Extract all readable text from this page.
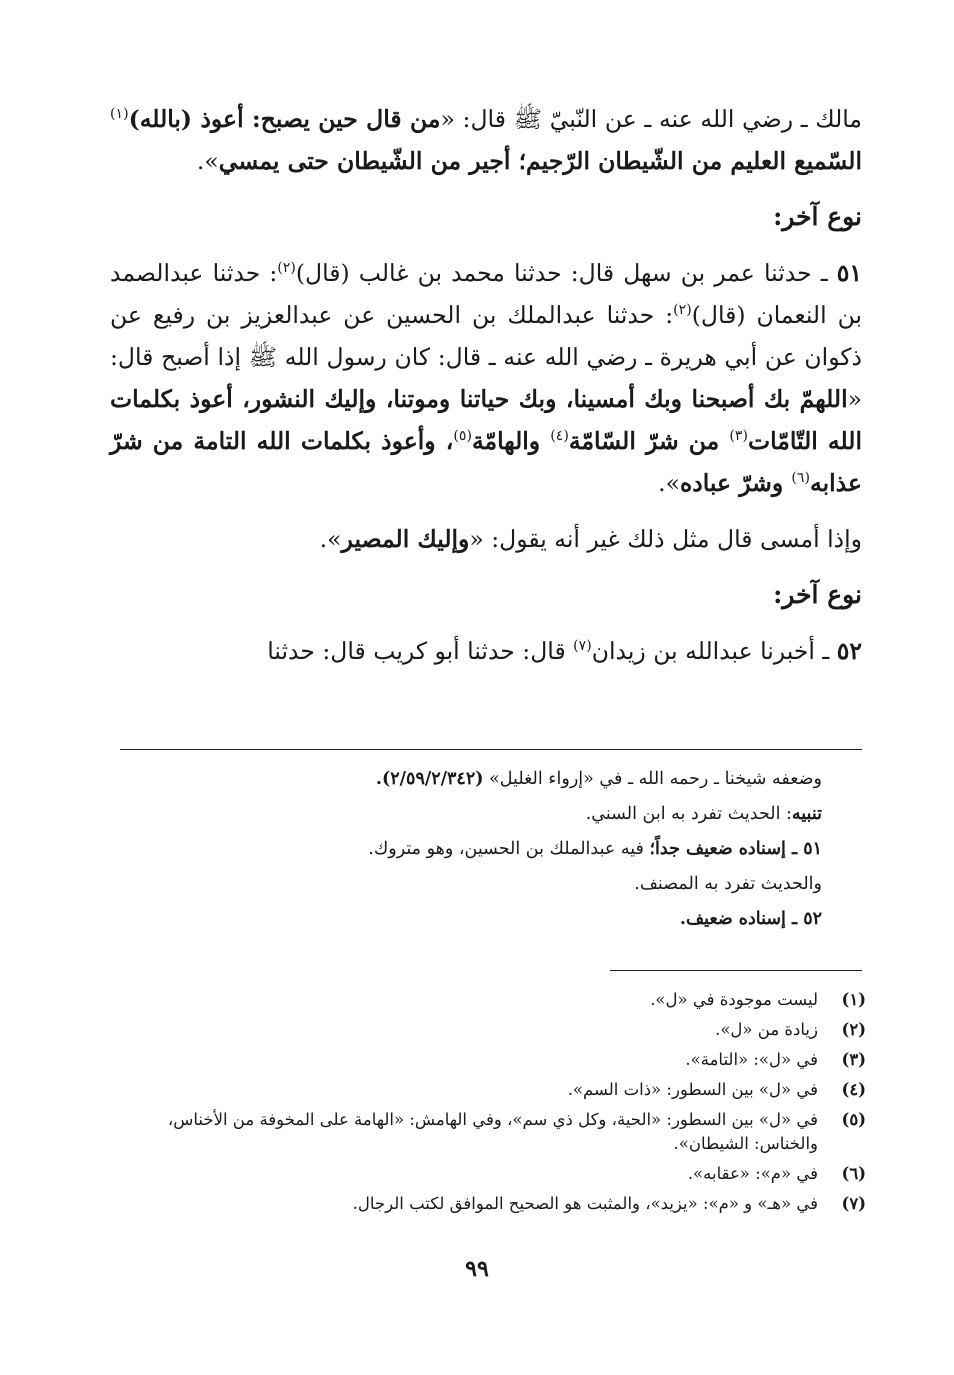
مالك ـ رضي الله عنه ـ عن النّبيّ ﷺ قال: «من قال حين يصبح: أعوذ (بالله)$^{(١)}$ السّميع العليم من الشّيطان الرّجيم؛ أجير من الشّيطان حتى يمسي».

نوع آخر:

٥١ ـ حدثنا عمر بن سهل قال: حدثنا محمد بن غالب (قال)$^{(٢)}$: حدثنا عبدالصمد بن النعمان (قال)$^{(٢)}$: حدثنا عبدالملك بن الحسين عن عبدالعزيز بن رفيع عن ذكوان عن أبي هريرة ـ رضي الله عنه ـ قال: كان رسول الله ﷺ إذا أصبح قال: «اللهمّ بك أصبحنا وبك أمسينا، وبك حياتنا وموتنا، وإليك النشور، أعوذ بكلمات الله التّامّات$^{(٣)}$ من شرّ السّامّة$^{(٤)}$ والهامّة$^{(٥)}$، وأعوذ بكلمات الله التامة من شرّ عذابه$^{(٦)}$ وشرّ عباده».

وإذا أمسى قال مثل ذلك غير أنه يقول: «وإليك المصير».

نوع آخر:

٥٢ ـ أخبرنا عبدالله بن زيدان$^{(٧)}$ قال: حدثنا أبو كريب قال: حدثنا

وضعفه شيخنا ـ رحمه الله ـ في «إرواء الغليل» (٢/٥٩/٢/٣٤٢).
تنبيه: الحديث تفرد به ابن السني.
٥١ ـ إسناده ضعيف جداً؛ فيه عبدالملك بن الحسين، وهو متروك.
والحديث تفرد به المصنف.
٥٢ ـ إسناده ضعيف.
(١)
ليست موجودة في «ل».
(٢)
زيادة من «ل».
(٣)
في «ل»: «التامة».
(٤)
في «ل» بين السطور: «ذات السم».
(٥)
في «ل» بين السطور: «الحية، وكل ذي سم»، وفي الهامش: «الهامة على المخوفة من الأخناس، والخناس: الشيطان».
(٦)
في «م»: «عقابه».
(٧)
في «هـ» و «م»: «يزيد»، والمثبت هو الصحيح الموافق لكتب الرجال.
٩٩
